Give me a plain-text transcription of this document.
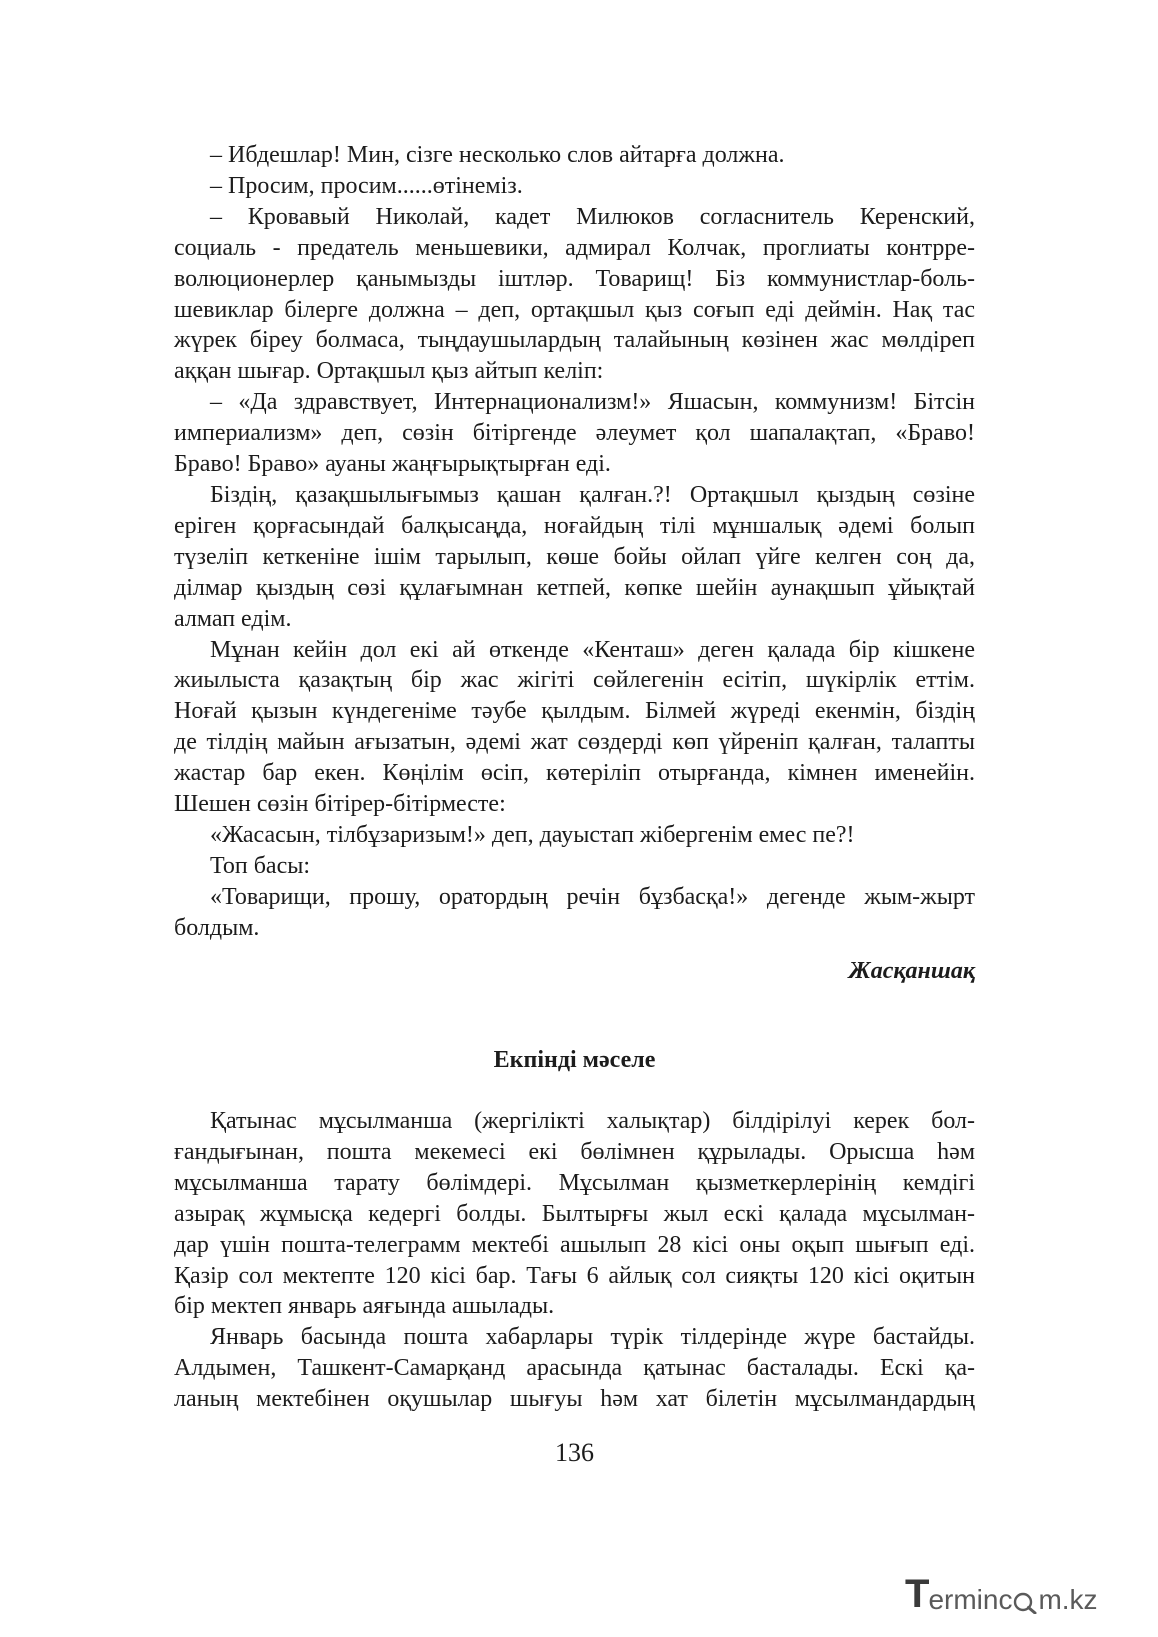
– Ибдешлар! Мин, сізге несколько слов айтарға должна.
– Просим, просим......өтінеміз.
– Кровавый Николай, кадет Милюков согласнитель Керенский,
социаль - предатель меньшевики, адмирал Колчак, проглиаты контрре-
волюционерлер қанымызды іштләр. Товарищ! Біз коммунистлар-боль-
шевиклар білерге должна – деп, ортақшыл қыз соғып еді деймін. Нақ тас
жүрек біреу болмаса, тыңдаушылардың талайының көзінен жас мөлдіреп
аққан шығар. Ортақшыл қыз айтып келіп:
– «Да здравствует, Интернационализм!» Яшасын, коммунизм! Бітсін
империализм» деп, сөзін бітіргенде әлеумет қол шапалақтап, «Браво!
Браво! Браво» ауаны жаңғырықтырған еді.
Біздің, қазақшылығымыз қашан қалған.?! Ортақшыл қыздың сөзіне
еріген қорғасындай балқысаңда, ноғайдың тілі мұншалық әдемі болып
түзеліп кеткеніне ішім тарылып, көше бойы ойлап үйге келген соң да,
ділмар қыздың сөзі құлағымнан кетпей, көпке шейін аунақшып ұйықтай
алмап едім.
Мұнан кейін дол екі ай өткенде «Кенташ» деген қалада бір кішкене
жиылыста қазақтың бір жас жігіті сөйлегенін есітіп, шүкірлік еттім.
Ноғай қызын күндегеніме тәубе қылдым. Білмей жүреді екенмін, біздің
де тілдің майын ағызатын, әдемі жат сөздерді көп үйреніп қалған, талапты
жастар бар екен. Көңілім өсіп, көтеріліп отырғанда, кімнен именейін.
Шешен сөзін бітірер-бітірместе:
«Жасасын, тілбұзаризым!» деп, дауыстап жібергенім емес пе?!
Топ басы:
«Товарищи, прошу, оратордың речін бұзбасқа!» дегенде жым-жырт
болдым.
Жасқаншақ
Екпінді мәселе
Қатынас мұсылманша (жергілікті халықтар) білдірілуі керек бол-
ғандығынан, пошта мекемесі екі бөлімнен құрылады. Орысша һәм
мұсылманша тарату бөлімдері. Мұсылман қызметкерлерінің кемдігі
азырақ жұмысқа кедергі болды. Былтырғы жыл ескі қалада мұсылман-
дар үшін пошта-телеграмм мектебі ашылып 28 кісі оны оқып шығып еді.
Қазір сол мектепте 120 кісі бар. Тағы 6 айлық сол сияқты 120 кісі оқитын
бір мектеп январь аяғында ашылады.
Январь басында пошта хабарлары түрік тілдерінде жүре бастайды.
Алдымен, Ташкент-Самарқанд арасында қатынас басталады. Ескі қа-
ланың мектебінен оқушылар шығуы һәм хат білетін мұсылмандардың
136
T erminc m.kz
